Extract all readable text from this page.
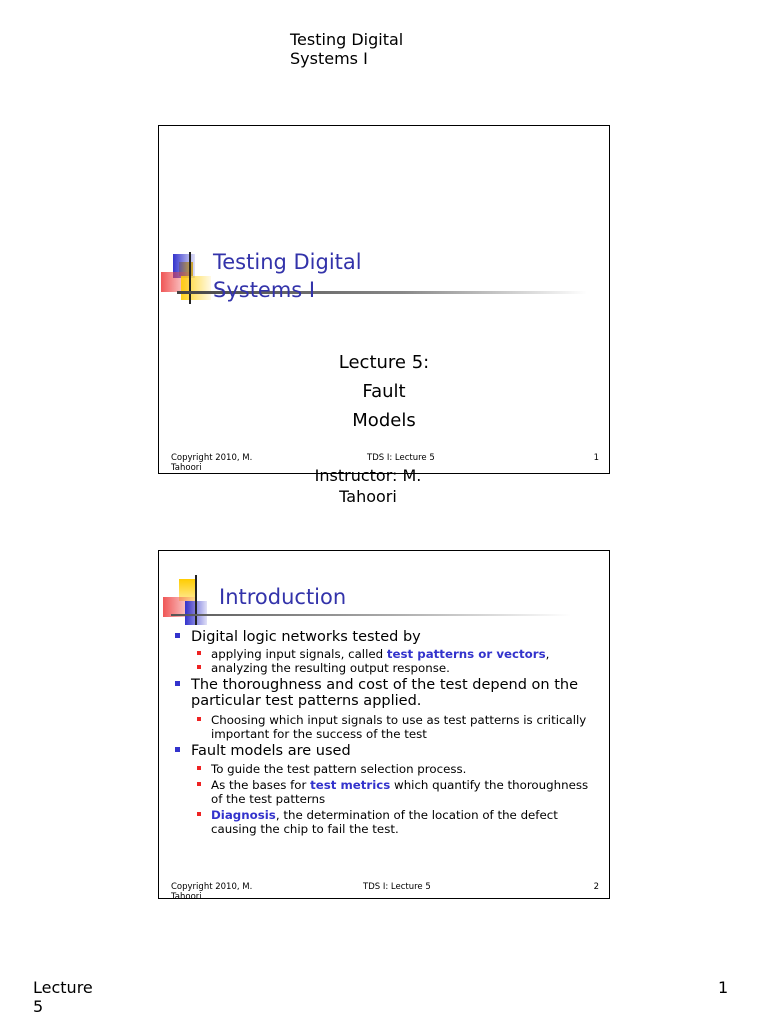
Testing Digital Systems I
Testing Digital Systems I
Lecture 5:
Fault
Models
Copyright 2010, M. Tahoori
TDS I: Lecture 5	1
Instructor: M. Tahoori
Introduction
Digital logic networks tested by
applying input signals, called test patterns or vectors,
analyzing the resulting output response.
The thoroughness and cost of the test depend on the particular test patterns applied.
Choosing which input signals to use as test patterns is critically important for the success of the test
Fault models are used
To guide the test pattern selection process.
As the bases for test metrics which quantify the thoroughness of the test patterns
Diagnosis, the determination of the location of the defect causing the chip to fail the test.
Copyright 2010, M. Tahoori
TDS I: Lecture 5	2
Lecture 5
1
